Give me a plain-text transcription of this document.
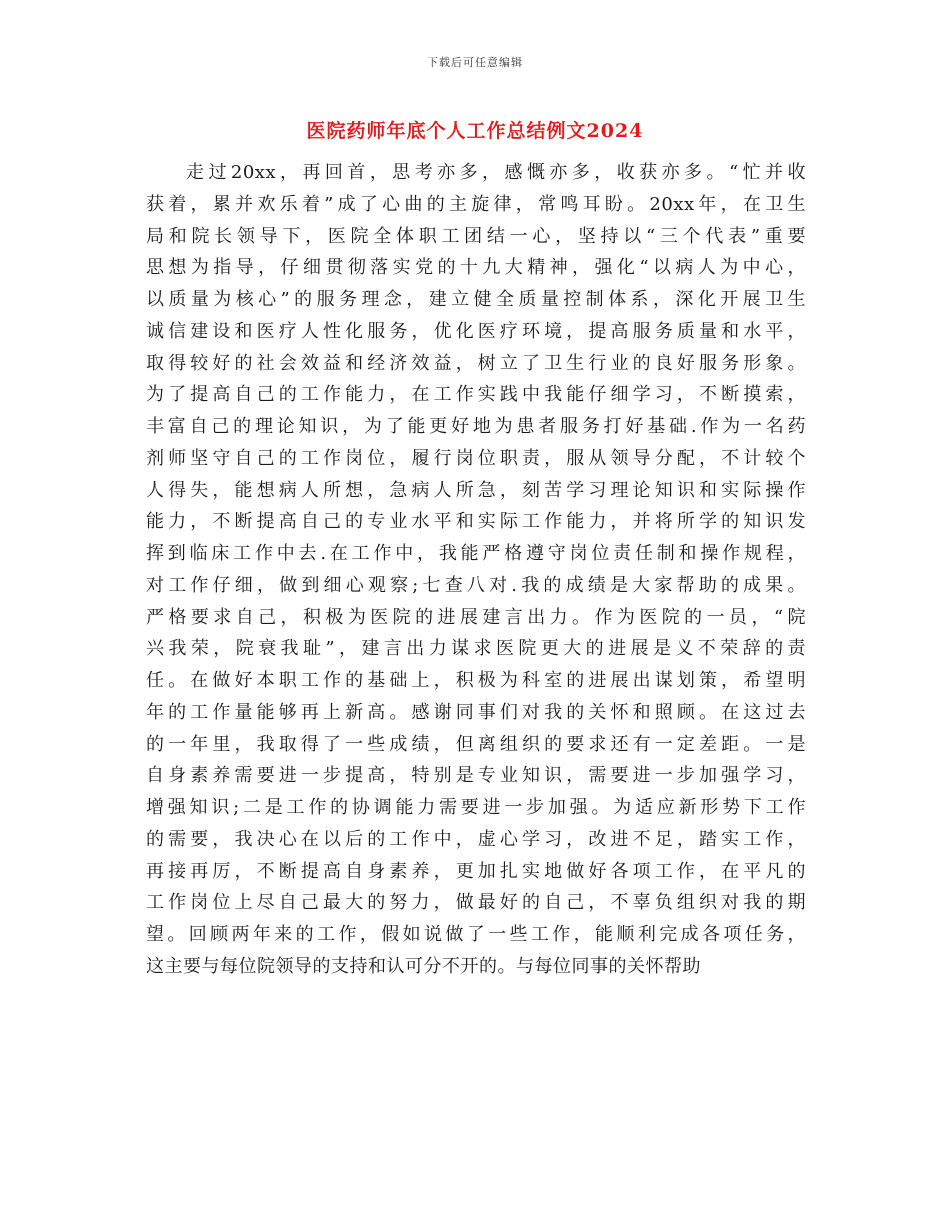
下载后可任意编辑
医院药师年底个人工作总结例文2024
走过20xx，再回首，思考亦多，感慨亦多，收获亦多。“忙并收
获着，累并欢乐着”成了心曲的主旋律，常鸣耳盼。20xx年，在卫生
局和院长领导下，医院全体职工团结一心，坚持以“三个代表”重要
思想为指导，仔细贯彻落实党的十九大精神，强化“以病人为中心，
以质量为核心”的服务理念，建立健全质量控制体系，深化开展卫生
诚信建设和医疗人性化服务，优化医疗环境，提高服务质量和水平，
取得较好的社会效益和经济效益，树立了卫生行业的良好服务形象。
为了提高自己的工作能力，在工作实践中我能仔细学习，不断摸索，
丰富自己的理论知识，为了能更好地为患者服务打好基础.作为一名药
剂师坚守自己的工作岗位，履行岗位职责，服从领导分配，不计较个
人得失，能想病人所想，急病人所急，刻苦学习理论知识和实际操作
能力，不断提高自己的专业水平和实际工作能力，并将所学的知识发
挥到临床工作中去.在工作中，我能严格遵守岗位责任制和操作规程，
对工作仔细，做到细心观察;七查八对.我的成绩是大家帮助的成果。
严格要求自己，积极为医院的进展建言出力。作为医院的一员，“院
兴我荣，院衰我耻”，建言出力谋求医院更大的进展是义不荣辞的责
任。在做好本职工作的基础上，积极为科室的进展出谋划策，希望明
年的工作量能够再上新高。感谢同事们对我的关怀和照顾。在这过去
的一年里，我取得了一些成绩，但离组织的要求还有一定差距。一是
自身素养需要进一步提高，特别是专业知识，需要进一步加强学习，
增强知识;二是工作的协调能力需要进一步加强。为适应新形势下工作
的需要，我决心在以后的工作中，虚心学习，改进不足，踏实工作，
再接再厉，不断提高自身素养，更加扎实地做好各项工作，在平凡的
工作岗位上尽自己最大的努力，做最好的自己，不辜负组织对我的期
望。回顾两年来的工作，假如说做了一些工作，能顺利完成各项任务，
这主要与每位院领导的支持和认可分不开的。与每位同事的关怀帮助
